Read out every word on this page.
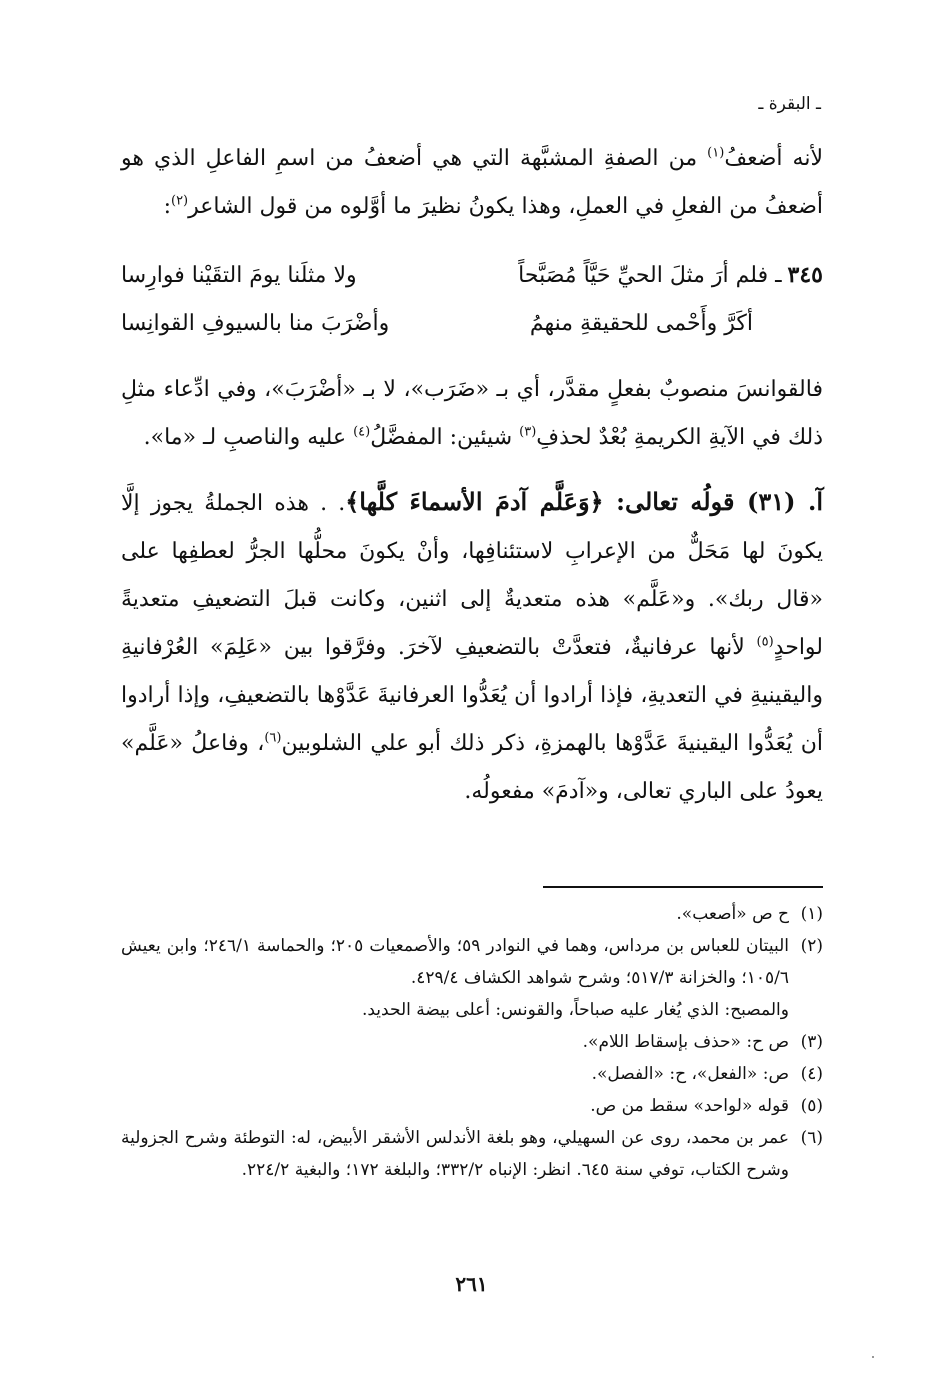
ـ البقرة ـ

لأنه أضعفُ$^{(١)}$ من الصفةِ المشبَّهة التي هي أضعفُ من اسمِ الفاعلِ الذي هو أضعفُ من الفعلِ في العملِ، وهذا يكونُ نظيرَ ما أوَّلوه من قول الشاعر$^{(٢)}$:

٣٤٥ـ فلم أرَ مثلَ الحيِّ حَيَّاً مُصَبَّحاً
ولا مثلَنا يومَ التقَيْنا فوارِسا
أكَرَّ وأَحْمى للحقيقةِ منهمُ
وأضْرَبَ منا بالسيوفِ القوانِسا

فالقوانسَ منصوبٌ بفعلٍ مقدَّر، أي بـ «ضَرَب»، لا بـ «أضْرَبَ»، وفي ادِّعاء مثلِ ذلك في الآيةِ الكريمةِ بُعْدٌ لحذفِ$^{(٣)}$ شيئين: المفضَّلُ$^{(٤)}$ عليه والناصبِ لـ «ما».

آ. (٣١) قولُه تعالى: ﴿وَعَلَّم آدمَ الأسماءَ كلَّها﴾. . هذه الجملةُ يجوز إلَّا يكونَ لها مَحَلٌّ من الإعرابِ لاستئنافِها، وأنْ يكونَ محلُّها الجرُّ لعطفِها على «قال ربك». و«عَلَّم» هذه متعديةٌ إلى اثنين، وكانت قبلَ التضعيفِ متعديةً لواحدٍ$^{(٥)}$ لأنها عرفانيةٌ، فتعدَّتْ بالتضعيفِ لآخرَ. وفرَّقوا بين «عَلِمَ» العُرْفانيةِ واليقينيةِ في التعديةِ، فإذا أرادوا أن يُعَدُّوا العرفانيةَ عَدَّوْها بالتضعيفِ، وإذا أرادوا أن يُعَدُّوا اليقينيةَ عَدَّوْها بالهمزةِ، ذكر ذلك أبو علي الشلوبين$^{(٦)}$، وفاعلُ «عَلَّم» يعودُ على الباري تعالى، و«آدمَ» مفعولُه.

(١)
ح ص «أصعب».
(٢)
البيتان للعباس بن مرداس، وهما في النوادر ٥٩؛ والأصمعيات ٢٠٥؛ والحماسة ٢٤٦/١؛ وابن يعيش ١٠٥/٦؛ والخزانة ٥١٧/٣؛ وشرح شواهد الكشاف ٤٢٩/٤.
والمصبح: الذي يُغار عليه صباحاً، والقونس: أعلى بيضة الحديد.
(٣)
ص ح: «حذف بإسقاط اللام».
(٤)
ص: «الفعل»، ح: «الفصل».
(٥)
قوله «لواحد» سقط من ص.
(٦)
عمر بن محمد، روى عن السهيلي، وهو بلغة الأندلس الأشقر الأبيض، له: التوطئة وشرح الجزولية وشرح الكتاب، توفي سنة ٦٤٥. انظر: الإنباه ٣٣٢/٢؛ والبلغة ١٧٢؛ والبغية ٢٢٤/٢.
٢٦١
